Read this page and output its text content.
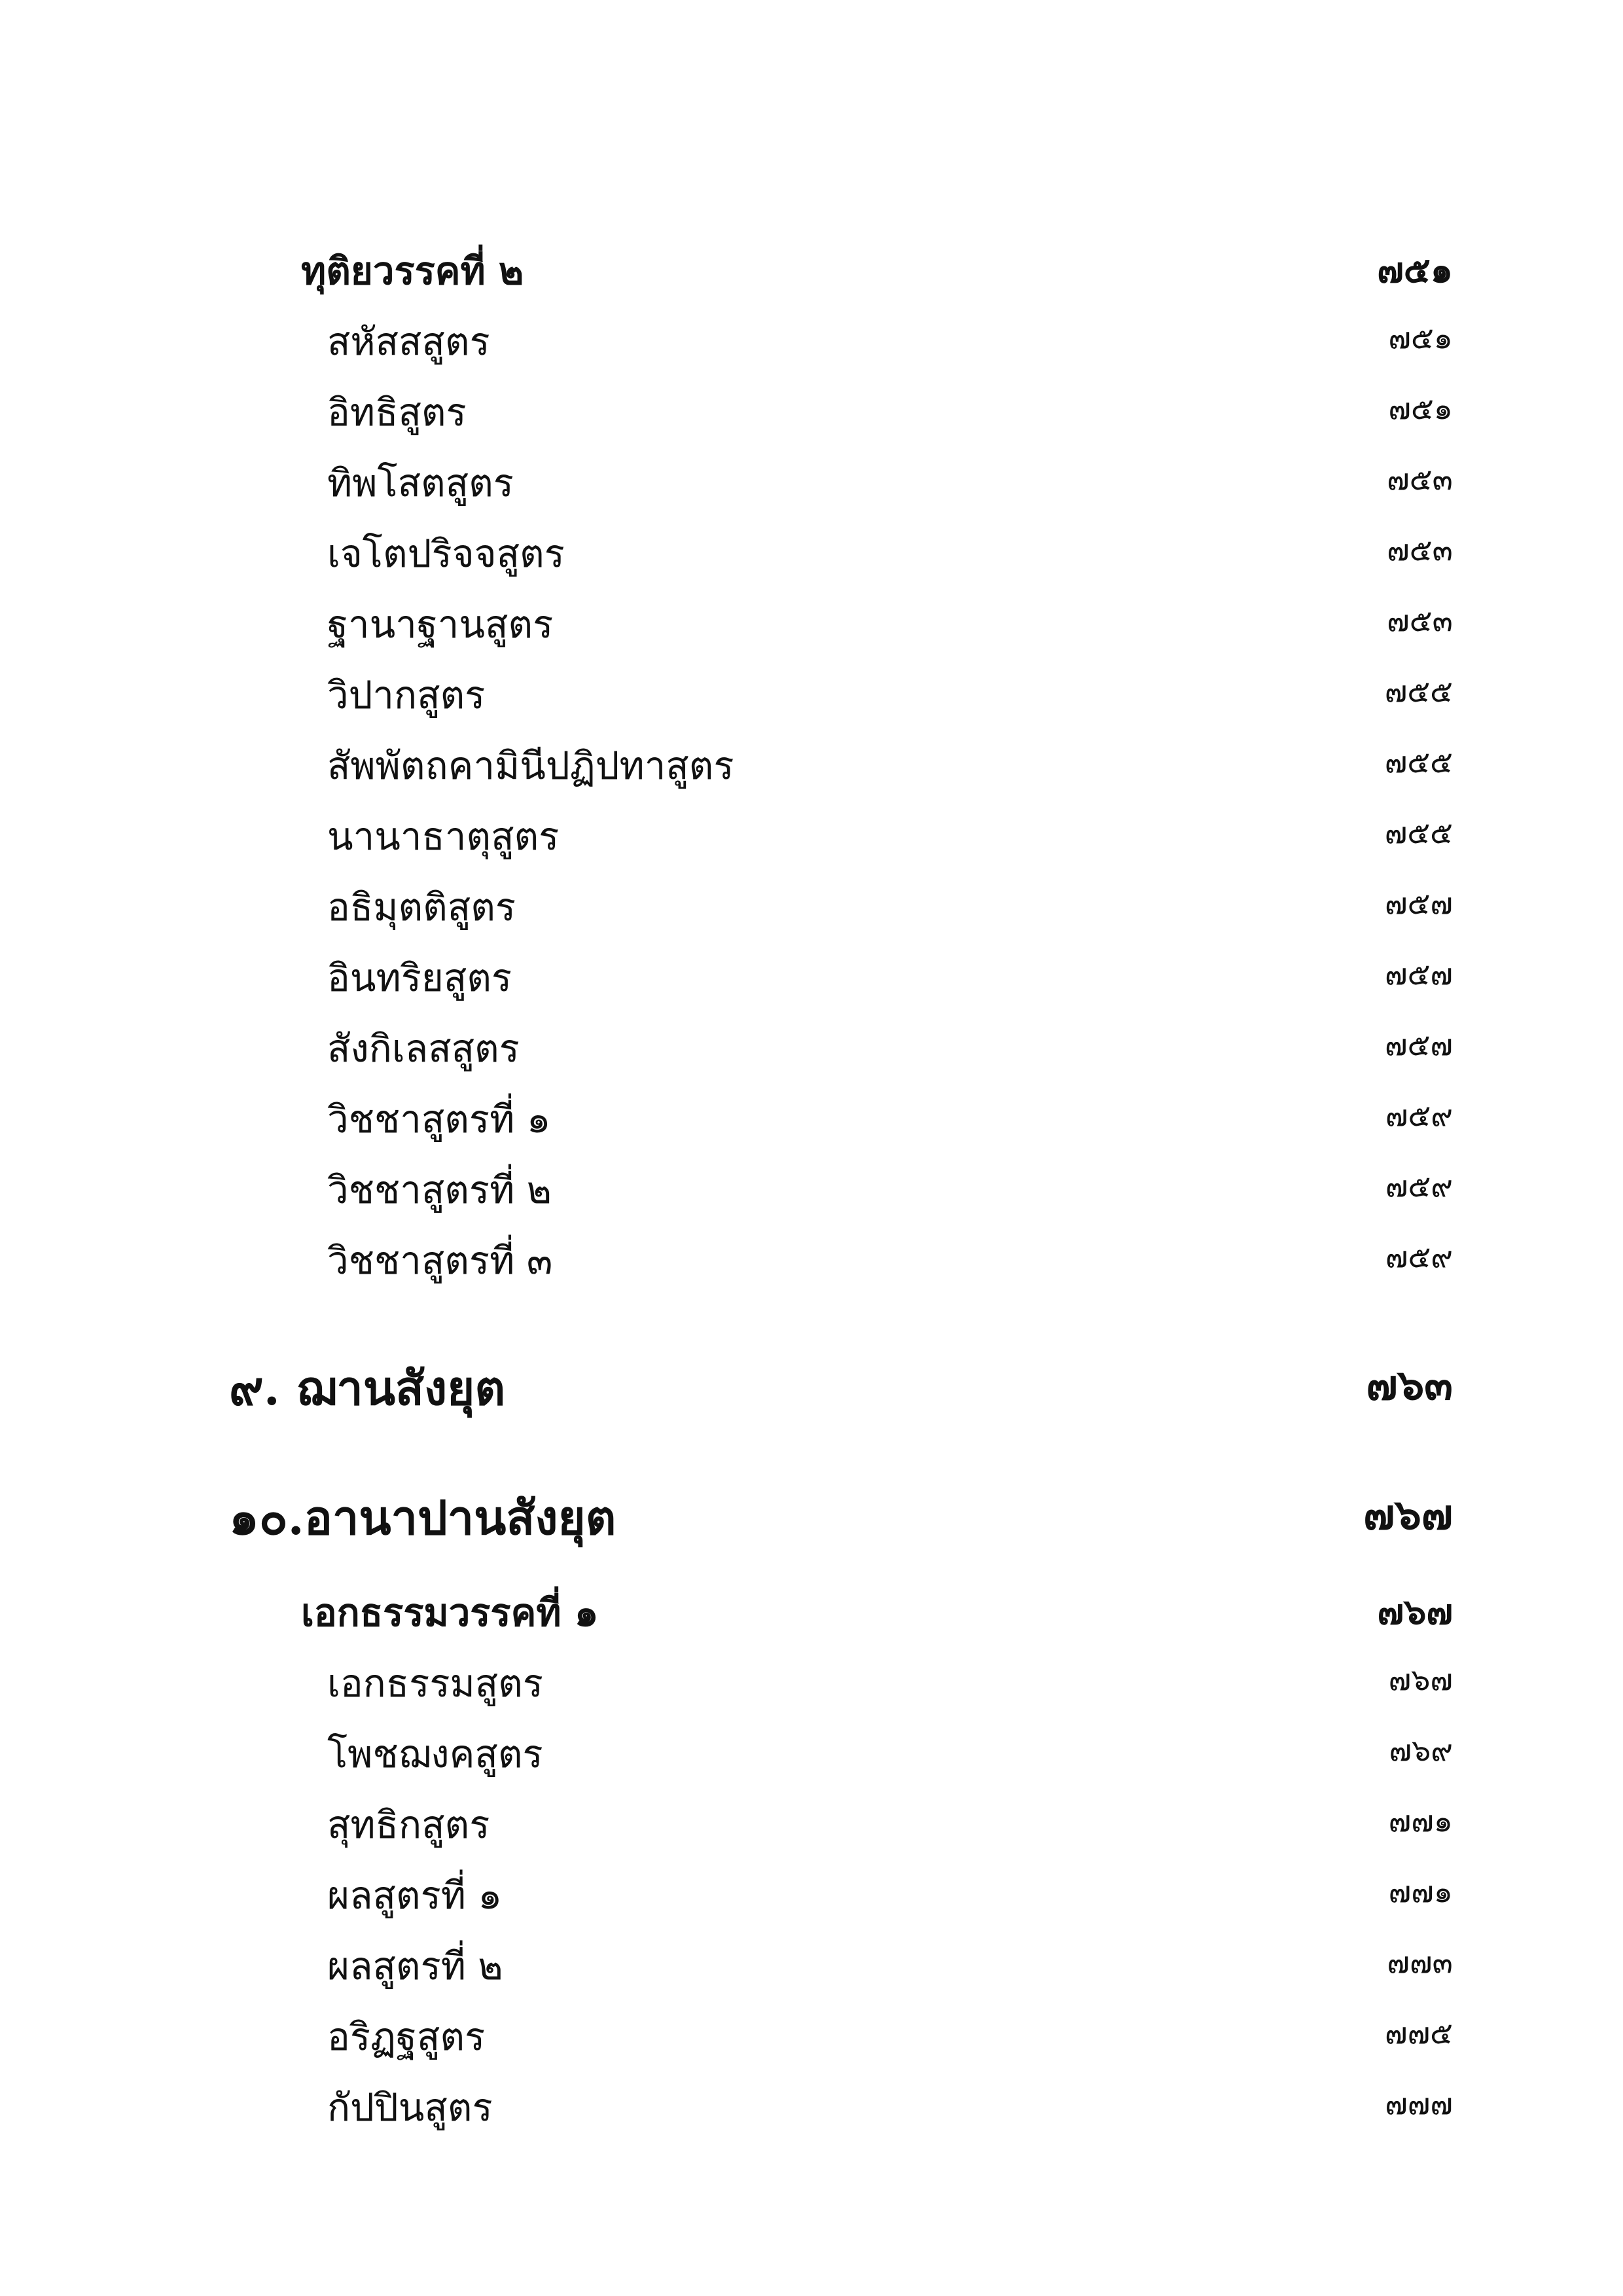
ทุติยวรรคที่ ๒	๗๕๑
สหัสสสูตร	๗๕๑
อิทธิสูตร	๗๕๑
ทิพโสตสูตร	๗๕๓
เจโตปริจจสูตร	๗๕๓
ฐานาฐานสูตร	๗๕๓
วิปากสูตร	๗๕๕
สัพพัตถคามินีปฏิปทาสูตร	๗๕๕
นานาธาตุสูตร	๗๕๕
อธิมุตติสูตร	๗๕๗
อินทริยสูตร	๗๕๗
สังกิเลสสูตร	๗๕๗
วิชชาสูตรที่ ๑	๗๕๙
วิชชาสูตรที่ ๒	๗๕๙
วิชชาสูตรที่ ๓	๗๕๙
๙. ฌานสังยุต	๗๖๓
๑๐.อานาปานสังยุต	๗๖๗
เอกธรรมวรรคที่ ๑	๗๖๗
เอกธรรมสูตร	๗๖๗
โพชฌงคสูตร	๗๖๙
สุทธิกสูตร	๗๗๑
ผลสูตรที่ ๑	๗๗๑
ผลสูตรที่ ๒	๗๗๓
อริฏฐสูตร	๗๗๕
กัปปินสูตร	๗๗๗
